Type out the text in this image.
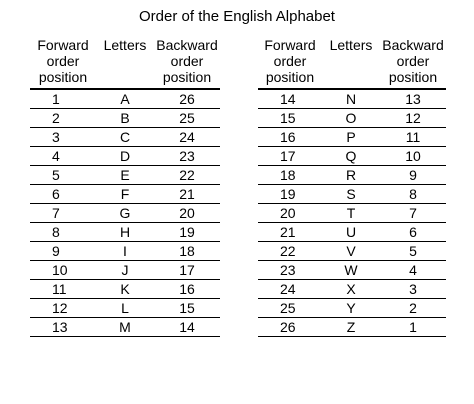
Order of the English Alphabet
Forward
order
position	Letters	Backward
order
position

1	A	26
2	B	25
3	C	24
4	D	23
5	E	22
6	F	21
7	G	20
8	H	19
9	I	18
10	J	17
11	K	16
12	L	15
13	M	14
Forward
order
position	Letters	Backward
order
position

14	N	13
15	O	12
16	P	11
17	Q	10
18	R	9
19	S	8
20	T	7
21	U	6
22	V	5
23	W	4
24	X	3
25	Y	2
26	Z	1
